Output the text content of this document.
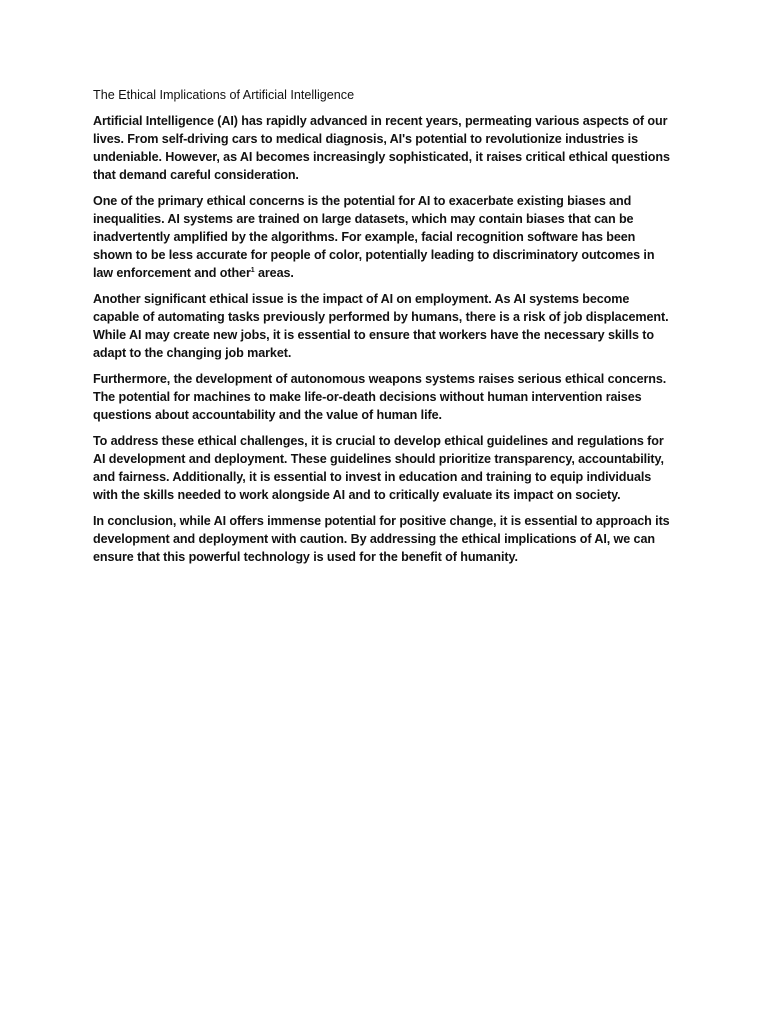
The Ethical Implications of Artificial Intelligence

Artificial Intelligence (AI) has rapidly advanced in recent years, permeating various aspects of our lives. From self-driving cars to medical diagnosis, AI's potential to revolutionize industries is undeniable. However, as AI becomes increasingly sophisticated, it raises critical ethical questions that demand careful consideration.

One of the primary ethical concerns is the potential for AI to exacerbate existing biases and inequalities. AI systems are trained on large datasets, which may contain biases that can be inadvertently amplified by the algorithms. For example, facial recognition software has been shown to be less accurate for people of color, potentially leading to discriminatory outcomes in law enforcement and other$^1$ areas.

Another significant ethical issue is the impact of AI on employment. As AI systems become capable of automating tasks previously performed by humans, there is a risk of job displacement. While AI may create new jobs, it is essential to ensure that workers have the necessary skills to adapt to the changing job market.

Furthermore, the development of autonomous weapons systems raises serious ethical concerns. The potential for machines to make life-or-death decisions without human intervention raises questions about accountability and the value of human life.

To address these ethical challenges, it is crucial to develop ethical guidelines and regulations for AI development and deployment. These guidelines should prioritize transparency, accountability, and fairness. Additionally, it is essential to invest in education and training to equip individuals with the skills needed to work alongside AI and to critically evaluate its impact on society.

In conclusion, while AI offers immense potential for positive change, it is essential to approach its development and deployment with caution. By addressing the ethical implications of AI, we can ensure that this powerful technology is used for the benefit of humanity.
